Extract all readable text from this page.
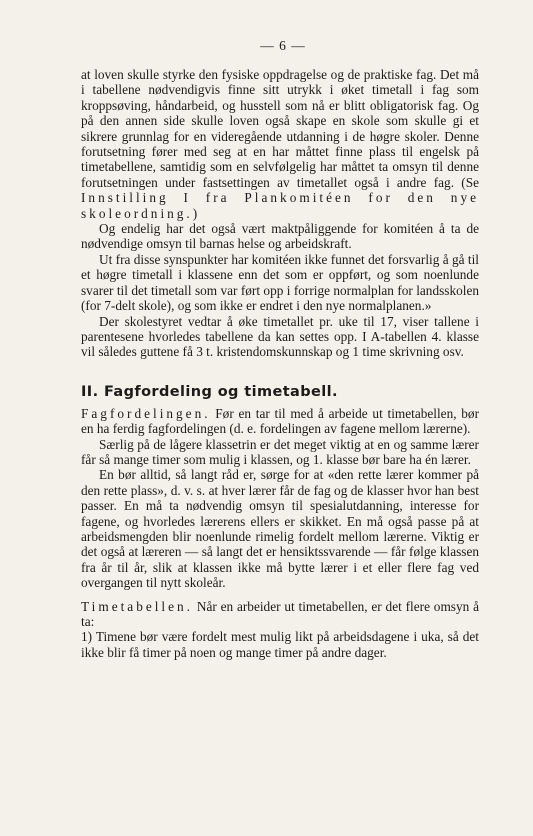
— 6 —

at loven skulle styrke den fysiske oppdragelse og de praktiske fag. Det må i tabellene nødvendigvis finne sitt utrykk i øket timetall i fag som kroppsøving, håndarbeid, og husstell som nå er blitt obligatorisk fag. Og på den annen side skulle loven også skape en skole som skulle gi et sikrere grunnlag for en videregående utdanning i de høgre skoler. Denne forutsetning fører med seg at en har måttet finne plass til engelsk på timetabellene, samtidig som en selvfølgelig har måttet ta omsyn til denne forutsetningen under fastsettingen av timetallet også i andre fag. (Se Innstilling I fra Plankomitéen for den nye skoleordning.)

Og endelig har det også vært maktpåliggende for komitéen å ta de nødvendige omsyn til barnas helse og arbeidskraft.

Ut fra disse synspunkter har komitéen ikke funnet det forsvarlig å gå til et høgre timetall i klassene enn det som er oppført, og som noenlunde svarer til det timetall som var ført opp i forrige normalplan for landsskolen (for 7-delt skole), og som ikke er endret i den nye normalplanen.»

Der skolestyret vedtar å øke timetallet pr. uke til 17, viser tallene i parentesene hvorledes tabellene da kan settes opp. I A-tabellen 4. klasse vil således guttene få 3 t. kristendomskunnskap og 1 time skrivning osv.

II. Fagfordeling og timetabell.

Fagfordelingen. Før en tar til med å arbeide ut timetabellen, bør en ha ferdig fagfordelingen (d. e. fordelingen av fagene mellom lærerne).

Særlig på de lågere klassetrin er det meget viktig at en og samme lærer får så mange timer som mulig i klassen, og 1. klasse bør bare ha én lærer.

En bør alltid, så langt råd er, sørge for at «den rette lærer kommer på den rette plass», d. v. s. at hver lærer får de fag og de klasser hvor han best passer. En må ta nødvendig omsyn til spesialutdanning, interesse for fagene, og hvorledes lærerens ellers er skikket. En må også passe på at arbeidsmengden blir noenlunde rimelig fordelt mellom lærerne. Viktig er det også at læreren — så langt det er hensiktssvarende — får følge klassen fra år til år, slik at klassen ikke må bytte lærer i et eller flere fag ved overgangen til nytt skoleår.

Timetabellen. Når en arbeider ut timetabellen, er det flere omsyn å ta:

1) Timene bør være fordelt mest mulig likt på arbeidsdagene i uka, så det ikke blir få timer på noen og mange timer på andre dager.
